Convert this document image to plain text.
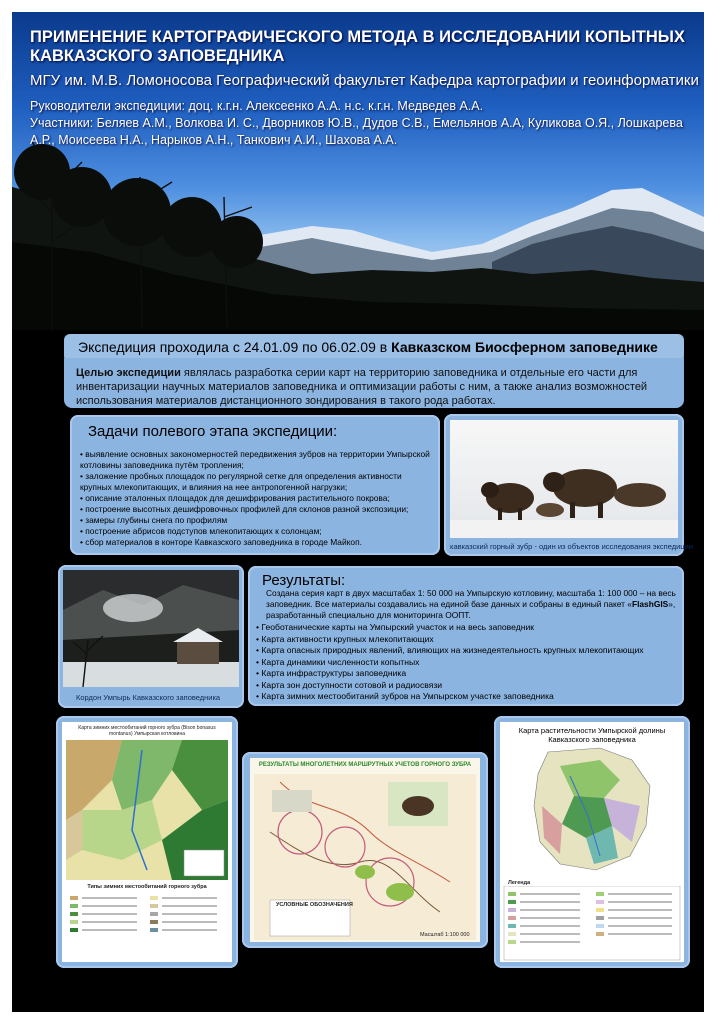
ПРИМЕНЕНИЕ КАРТОГРАФИЧЕСКОГО МЕТОДА В ИССЛЕДОВАНИИ КОПЫТНЫХ КАВКАЗСКОГО ЗАПОВЕДНИКА
МГУ им. М.В. Ломоносова Географический факультет Кафедра картографии и геоинформатики
Руководители экспедиции: доц. к.г.н. Алексеенко А.А. н.с. к.г.н. Медведев А.А.
Участники: Беляев А.М., Волкова И. С., Дворников Ю.В., Дудов С.В., Емельянов А.А, Куликова О.Я., Лошкарева А.Р., Моисеева Н.А., Нарыков А.Н., Танкович А.И., Шахова А.А.
Экспедиция проходила с 24.01.09 по 06.02.09 в Кавказском Биосферном заповеднике

Целью экспедиции являлась разработка серии карт на территорию заповедника и отдельные его части для инвентаризации научных материалов заповедника и оптимизации работы с ним, а также анализ возможностей использования материалов дистанционного зондирования в такого рода работах.

Задачи полевого этапа экспедиции:
• выявление основных закономерностей передвижения зубров на территории Умпырской котловины заповедника путём тропления;
• заложение пробных площадок по регулярной сетке для определения активности крупных млекопитающих, и влияния на нее антропогенной нагрузки;
• описание эталонных площадок для дешифрирования растительного покрова;
• построение высотных дешифровочных профилей для склонов разной экспозиции;
• замеры глубины снега по профилям
• построение абрисов подступов млекопитающих к солонцам;
• сбор материалов в конторе Кавказского заповедника в городе Майкоп.	кавказский горный зубр - один из объектов исследования экспедиции
Кордон Умпырь Кавказского заповедника
Результаты:

Создана серия карт в двух масштабах 1: 50 000 на Умпырскую котловину, масштаба 1: 100 000 – на весь заповедник. Все материалы создавались на единой базе данных и собраны в единый пакет «FlashGIS», разработанный специально для мониторинга ООПТ.

• Геоботанические карты на Умпырский участок и на весь заповедник
• Карта активности крупных млекопитающих
• Карта опасных природных явлений, влияющих на жизнедеятельность крупных млекопитающих
• Карта динамики численности копытных
• Карта инфраструктуры заповедника
• Карта зон доступности сотовой и радиосвязи
• Карта зимних местообитаний зубров на Умпырском участке заповедника
Карта зимних местообитаний горного зубра (Bison bonasus montanus) Умпырская котловина
Типы зимних местообитаний горного зубра
РЕЗУЛЬТАТЫ МНОГОЛЕТНИХ МАРШРУТНЫХ УЧЕТОВ ГОРНОГО ЗУБРА
УСЛОВНЫЕ ОБОЗНАЧЕНИЯ
Масштаб 1:100 000
Карта растительности Умпырской долины Кавказского заповедника
Легенда
